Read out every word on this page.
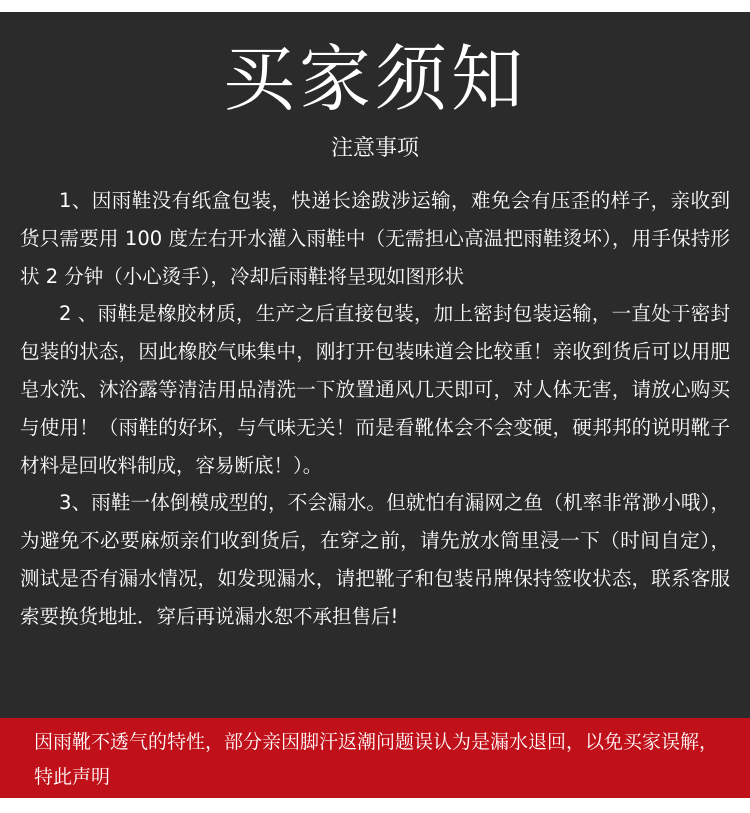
买家须知
注意事项

1、因雨鞋没有纸盒包装，快递长途跋涉运输，难免会有压歪的样子，亲收到货只需要用 100 度左右开水灌入雨鞋中（无需担心高温把雨鞋烫坏），用手保持形状 2 分钟（小心烫手），冷却后雨鞋将呈现如图形状

2 、雨鞋是橡胶材质，生产之后直接包装，加上密封包装运输，一直处于密封包装的状态，因此橡胶气味集中，刚打开包装味道会比较重！亲收到货后可以用肥皂水洗、沐浴露等清洁用品清洗一下放置通风几天即可，对人体无害，请放心购买与使用！（雨鞋的好坏，与气味无关！而是看靴体会不会变硬，硬邦邦的说明靴子材料是回收料制成，容易断底！）。

3、雨鞋一体倒模成型的，不会漏水。但就怕有漏网之鱼（机率非常渺小哦），为避免不必要麻烦亲们收到货后，在穿之前，请先放水筒里浸一下（时间自定），测试是否有漏水情况，如发现漏水，请把靴子和包装吊牌保持签收状态，联系客服索要换货地址．穿后再说漏水恕不承担售后!

因雨靴不透气的特性，部分亲因脚汗返潮问题误认为是漏水退回，以免买家误解，特此声明
